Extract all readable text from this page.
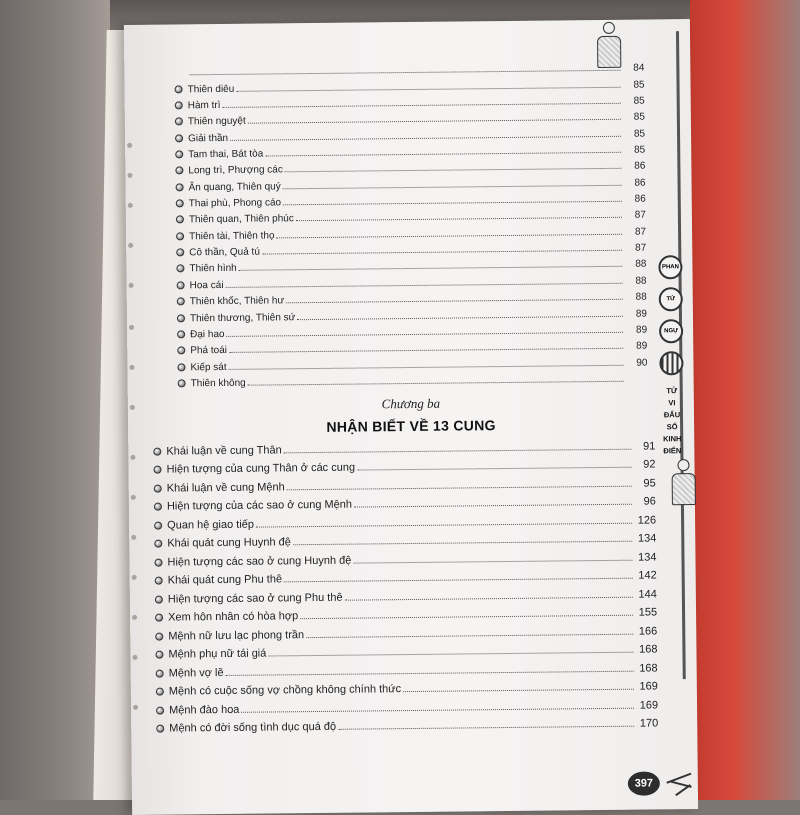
84
Thiên diêu	85
Hàm trì	85
Thiên nguyệt	85
Giải thần	85
Tam thai, Bát tòa	85
Long trì, Phượng các	86
Ân quang, Thiên quý	86
Thai phù, Phong cáo	86
Thiên quan, Thiên phúc	87
Thiên tài, Thiên thọ	87
Cô thần, Quả tú	87
Thiên hình	88
Hoa cái	88
Thiên khốc, Thiên hư	88
Thiên thương, Thiên sứ	89
Đại hao	89
Phá toái	89
Kiếp sát	90
Thiên không
Chương ba
NHẬN BIẾT VỀ 13 CUNG
Khái luận về cung Thân	91
Hiện tượng của cung Thân ở các cung	92
Khái luận về cung Mệnh	95
Hiện tượng của các sao ở cung Mệnh	96
Quan hệ giao tiếp	126
Khái quát cung Huynh đệ	134
Hiện tượng các sao ở cung Huynh đệ	134
Khái quát cung Phu thê	142
Hiện tượng các sao ở cung Phu thê	144
Xem hôn nhân có hòa hợp	155
Mệnh nữ lưu lạc phong trần	166
Mệnh phụ nữ tái giá	168
Mệnh vợ lẽ	168
Mệnh có cuộc sống vợ chồng không chính thức	169
Mệnh đào hoa	169
Mệnh có đời sống tình dục quá độ	170
PHAN
TỬ
NGỰ
TỬ
VI
ĐẨU
SỐ
KINH
ĐIỂN
397
